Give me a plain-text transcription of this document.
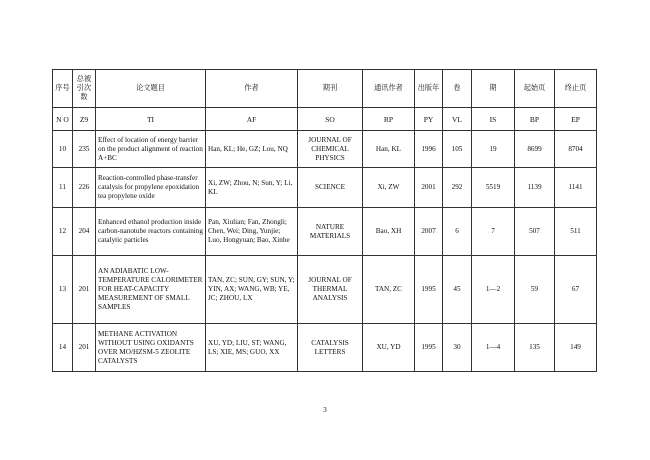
序号	总被引次数	论文题目	作者	期刊	通讯作者	出版年	卷	期	起始页	终止页
N O	Z9	TI	AF	SO	RP	PY	VL	IS	BP	EP
10	235	Effect of location of energy barrier on the product alignment of reaction A+BC	Han, KL; He, GZ; Lou, NQ	JOURNAL OF CHEMICAL PHYSICS	Han, KL	1996	105	19	8699	8704
11	226	Reaction-controlled phase-transfer catalysis for propylene epoxidation tea propylene oxide	Xi, ZW; Zhou, N; Sun, Y; Li, KL	SCIENCE	Xi, ZW	2001	292	5519	1139	1141
12	204	Enhanced ethanol production inside carbon-nanotube reactors containing catalytic particles	Pan, Xiulian; Fan, Zhongli; Chen, Wei; Ding, Yunjie; Luo, Hongyuan; Bao, Xinhe	NATURE MATERIALS	Bao, XH	2007	6	7	507	511
13	201	AN ADIABATIC LOW-TEMPERATURE CALORIMETER FOR HEAT-CAPACITY MEASUREMENT OF SMALL SAMPLES	TAN, ZC; SUN, GY; SUN, Y; YIN, AX; WANG, WB; YE, JC; ZHOU, LX	JOURNAL OF THERMAL ANALYSIS	TAN, ZC	1995	45	1—2	59	67
14	201	METHANE ACTIVATION WITHOUT USING OXIDANTS OVER MO/HZSM-5 ZEOLITE CATALYSTS	XU, YD; LIU, ST; WANG, LS; XIE, MS; GUO, XX	CATALYSIS LETTERS	XU, YD	1995	30	1—4	135	149
3
